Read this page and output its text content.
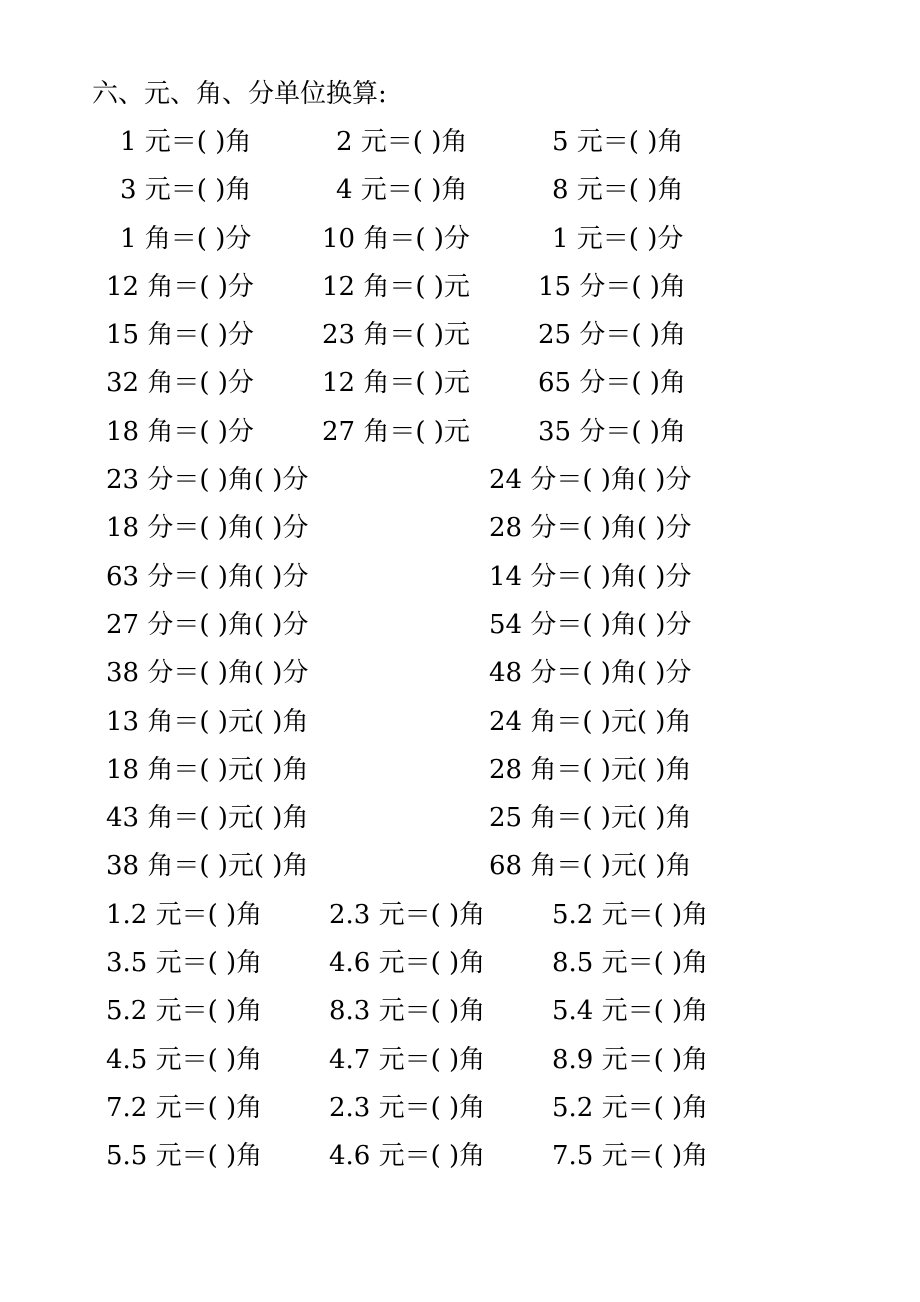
六、元、角、分单位换算:
1 元＝( )角	2 元＝( )角	5 元＝( )角
3 元＝( )角	4 元＝( )角	8 元＝( )角
1 角＝( )分	10 角＝( )分	1 元＝( )分
12 角＝( )分	12 角＝( )元	15 分＝( )角
15 角＝( )分	23 角＝( )元	25 分＝( )角
32 角＝( )分	12 角＝( )元	65 分＝( )角
18 角＝( )分	27 角＝( )元	35 分＝( )角
23 分＝( )角( )分	24 分＝( )角( )分
18 分＝( )角( )分	28 分＝( )角( )分
63 分＝( )角( )分	14 分＝( )角( )分
27 分＝( )角( )分	54 分＝( )角( )分
38 分＝( )角( )分	48 分＝( )角( )分
13 角＝( )元( )角	24 角＝( )元( )角
18 角＝( )元( )角	28 角＝( )元( )角
43 角＝( )元( )角	25 角＝( )元( )角
38 角＝( )元( )角	68 角＝( )元( )角
1.2 元＝( )角	2.3 元＝( )角	5.2 元＝( )角
3.5 元＝( )角	4.6 元＝( )角	8.5 元＝( )角
5.2 元＝( )角	8.3 元＝( )角	5.4 元＝( )角
4.5 元＝( )角	4.7 元＝( )角	8.9 元＝( )角
7.2 元＝( )角	2.3 元＝( )角	5.2 元＝( )角
5.5 元＝( )角	4.6 元＝( )角	7.5 元＝( )角
